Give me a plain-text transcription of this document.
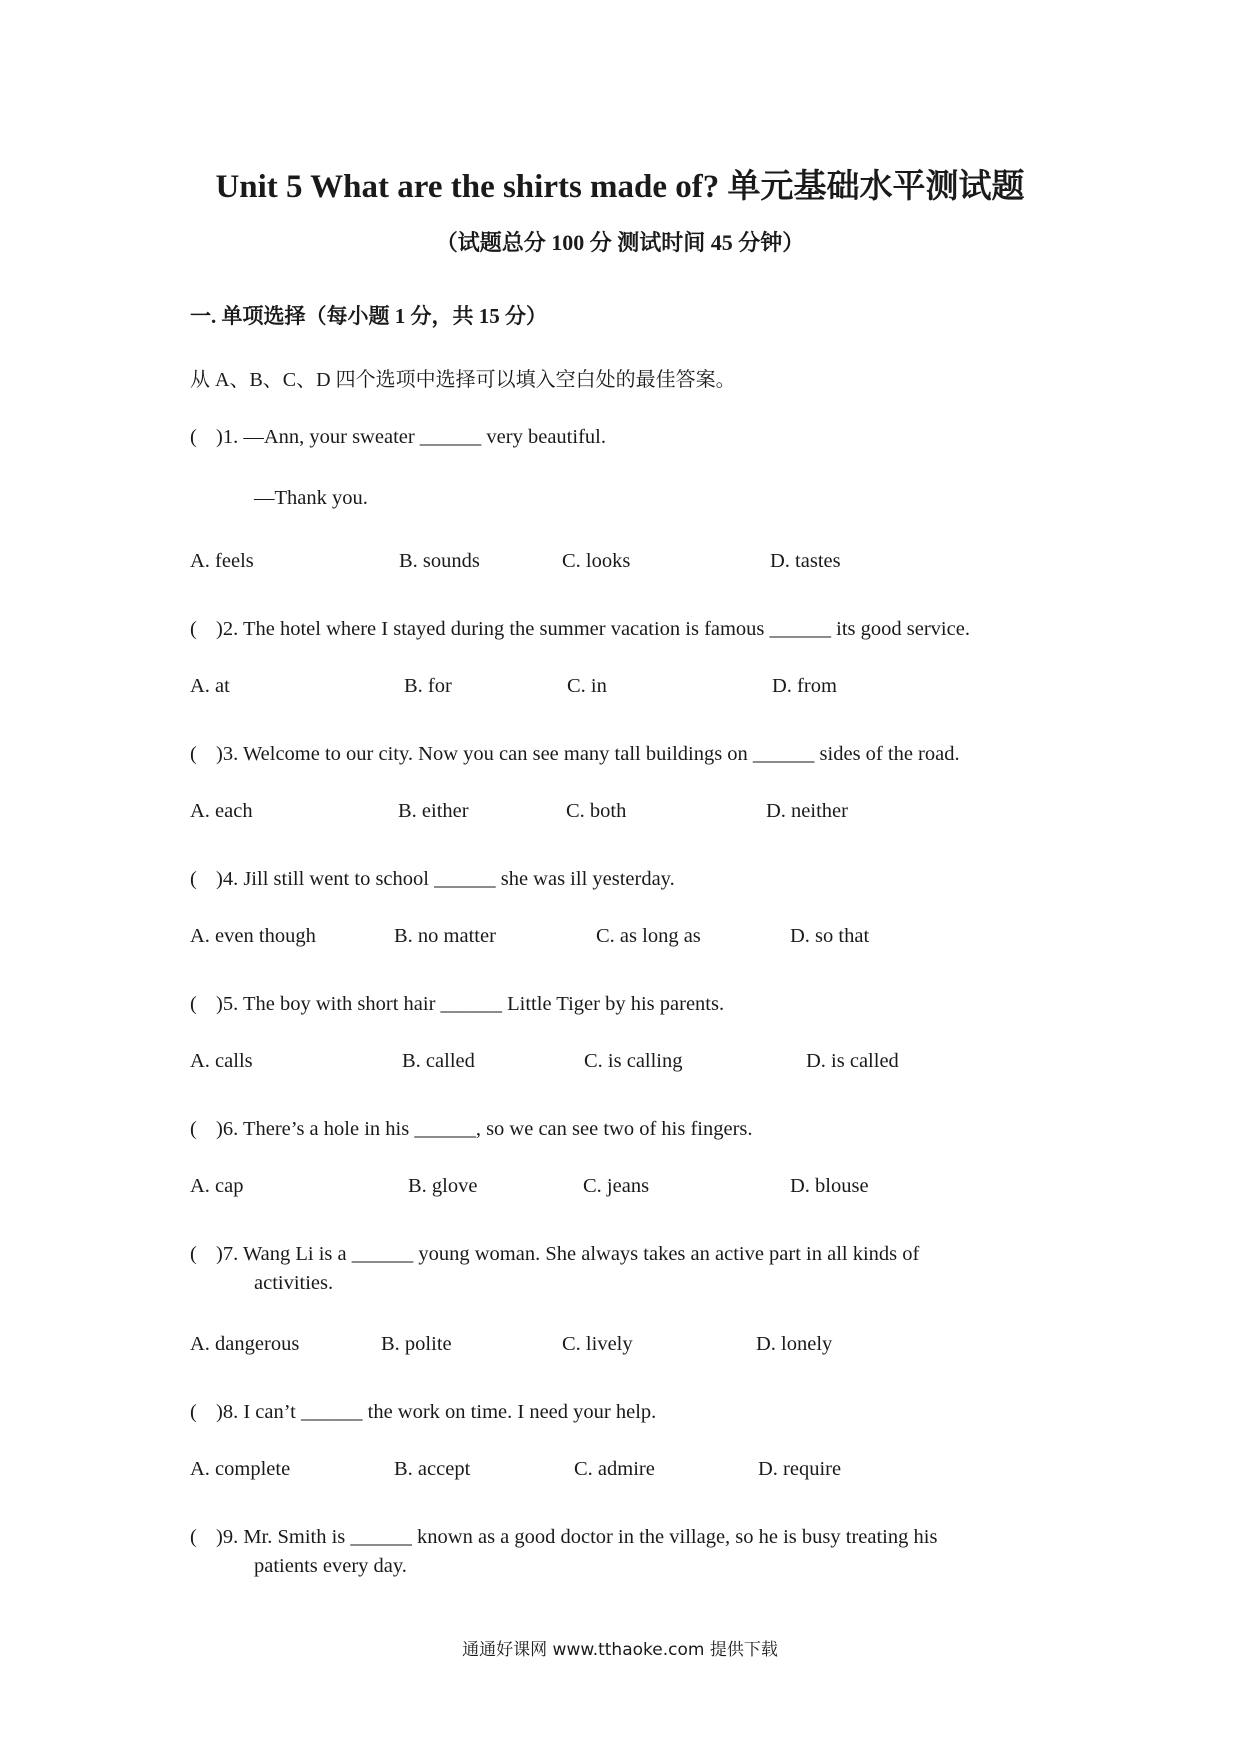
Unit 5 What are the shirts made of? 单元基础水平测试题
（试题总分 100 分 测试时间 45 分钟）
一. 单项选择（每小题 1 分，共 15 分）
从 A、B、C、D 四个选项中选择可以填入空白处的最佳答案。
( )1. —Ann, your sweater ______ very beautiful.
—Thank you.
A. feels	B. sounds	C. looks	D. tastes
( )2. The hotel where I stayed during the summer vacation is famous ______ its good service.
A. at	B. for	C. in	D. from
( )3. Welcome to our city. Now you can see many tall buildings on ______ sides of the road.
A. each	B. either	C. both	D. neither
( )4. Jill still went to school ______ she was ill yesterday.
A. even though	B. no matter	C. as long as	D. so that
( )5. The boy with short hair ______ Little Tiger by his parents.
A. calls	B. called	C. is calling	D. is called
( )6. There’s a hole in his ______, so we can see two of his fingers.
A. cap	B. glove	C. jeans	D. blouse
( )7. Wang Li is a ______ young woman. She always takes an active part in all kinds of
activities.
A. dangerous	B. polite	C. lively	D. lonely
( )8. I can’t ______ the work on time. I need your help.
A. complete	B. accept	C. admire	D. require
( )9. Mr. Smith is ______ known as a good doctor in the village, so he is busy treating his
patients every day.
通通好课网 www.tthaoke.com 提供下载
